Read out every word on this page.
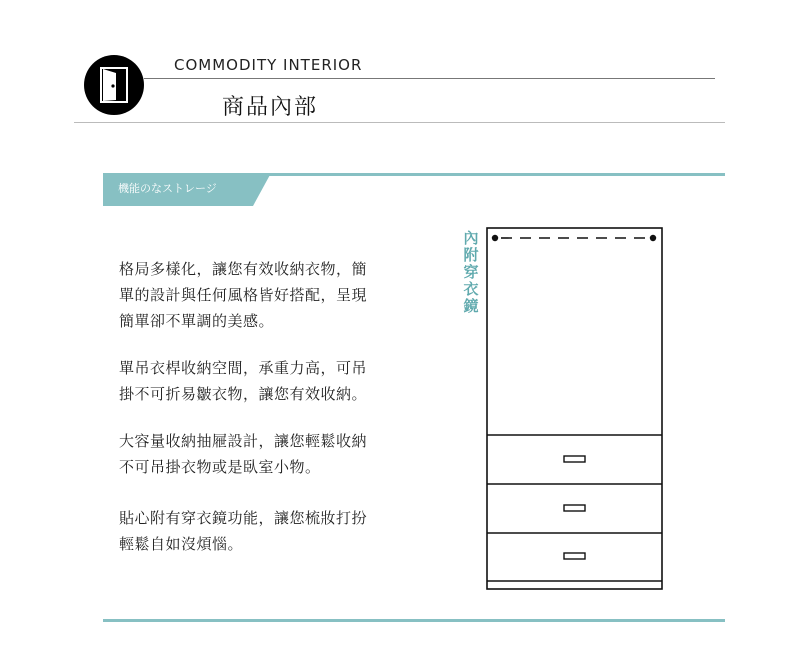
COMMODITY INTERIOR
商品內部
機能のなストレージ
格局多樣化，讓您有效收納衣物，簡
單的設計與任何風格皆好搭配，呈現
簡單卻不單調的美感。
單吊衣桿收納空間，承重力高，可吊
掛不可折易皺衣物，讓您有效收納。
大容量收納抽屜設計，讓您輕鬆收納
不可吊掛衣物或是臥室小物。
貼心附有穿衣鏡功能，讓您梳妝打扮
輕鬆自如沒煩惱。
內附穿衣鏡
